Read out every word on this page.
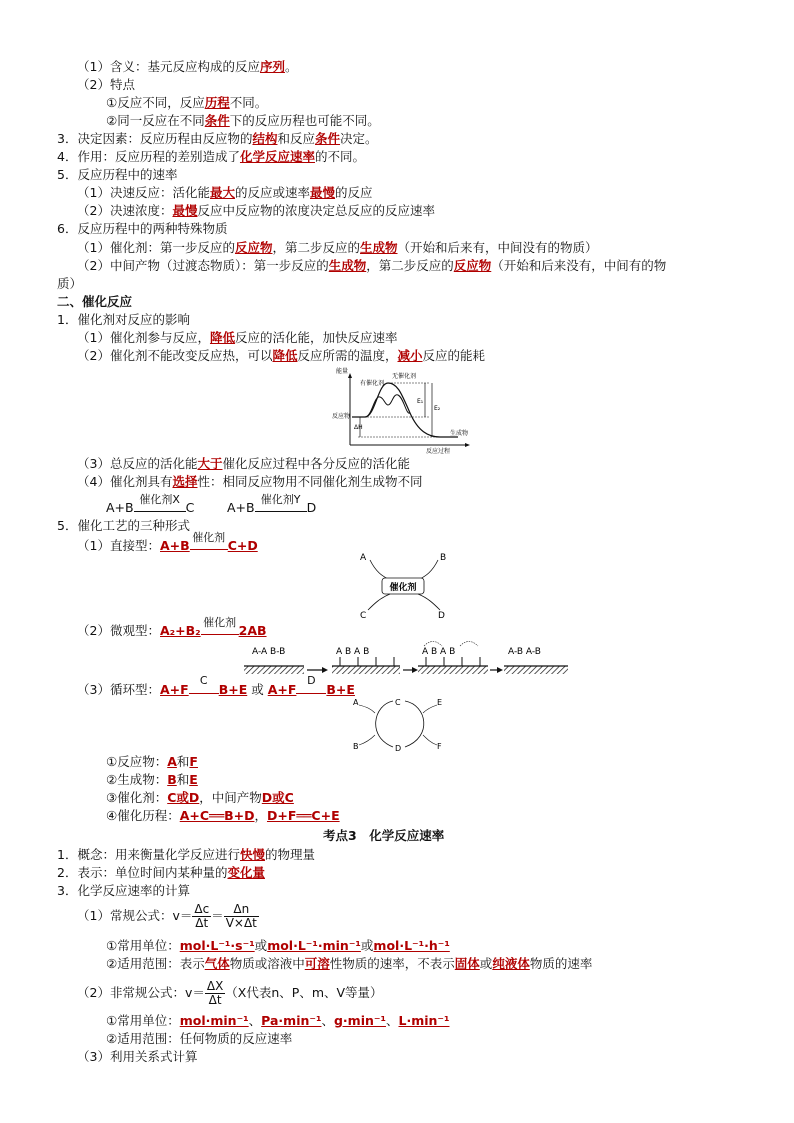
（1）含义：基元反应构成的反应序列。
（2）特点
①反应不同，反应历程不同。
②同一反应在不同条件下的反应历程也可能不同。
3．决定因素：反应历程由反应物的结构和反应条件决定。
4．作用：反应历程的差别造成了化学反应速率的不同。
5．反应历程中的速率
（1）决速反应：活化能最大的反应或速率最慢的反应
（2）决速浓度：最慢反应中反应物的浓度决定总反应的反应速率
6．反应历程中的两种特殊物质
（1）催化剂：第一步反应的反应物，第二步反应的生成物（开始和后来有，中间没有的物质）
（2）中间产物（过渡态物质）：第一步反应的生成物，第二步反应的反应物（开始和后来没有，中间有的物
质）
二、催化反应
1．催化剂对反应的影响
（1）催化剂参与反应，降低反应的活化能，加快反应速率
（2）催化剂不能改变反应热，可以降低反应所需的温度，减小反应的能耗
能量
无催化剂
有催化剂
反应物
生成物
反应过程
E₁
E₂
ΔH
（3）总反应的活化能大于催化反应过程中各分反应的活化能
（4）催化剂具有选择性：相同反应物用不同催化剂生成物不同
A+B
催化剂X
C	A+B
催化剂Y
D
5．催化工艺的三种形式
（1）直接型： A+B
催化剂
C+D
A	B
催化剂
C	D
（2）微观型： A₂+B₂
催化剂
2AB
A-A B-B	A B A B	A B A B	A-B A-B
（3）循环型： A+F
C
B+E 或 A+F
D
B+E
A	C	E
B	D	F
①反应物：A和F
②生成物：B和E
③催化剂：C或D，中间产物D或C
④催化历程：A+C══B+D，D+F══C+E
考点3　化学反应速率
1．概念：用来衡量化学反应进行快慢的物理量
2．表示：单位时间内某种量的变化量
3．化学反应速率的计算
（1）常规公式：$v= \frac{\Delta c}{\Delta t} = \frac{\Delta n}{V\times\Delta t}$
①常用单位：mol·L⁻¹·s⁻¹或mol·L⁻¹·min⁻¹或mol·L⁻¹·h⁻¹
②适用范围：表示气体物质或溶液中可溶性物质的速率，不表示固体或纯液体物质的速率
（2）非常规公式：$v= \frac{\Delta X}{\Delta t} (X$代表n、P、m、V等量）
①常用单位：mol·min⁻¹、Pa·min⁻¹、g·min⁻¹、L·min⁻¹
②适用范围：任何物质的反应速率
（3）利用关系式计算
